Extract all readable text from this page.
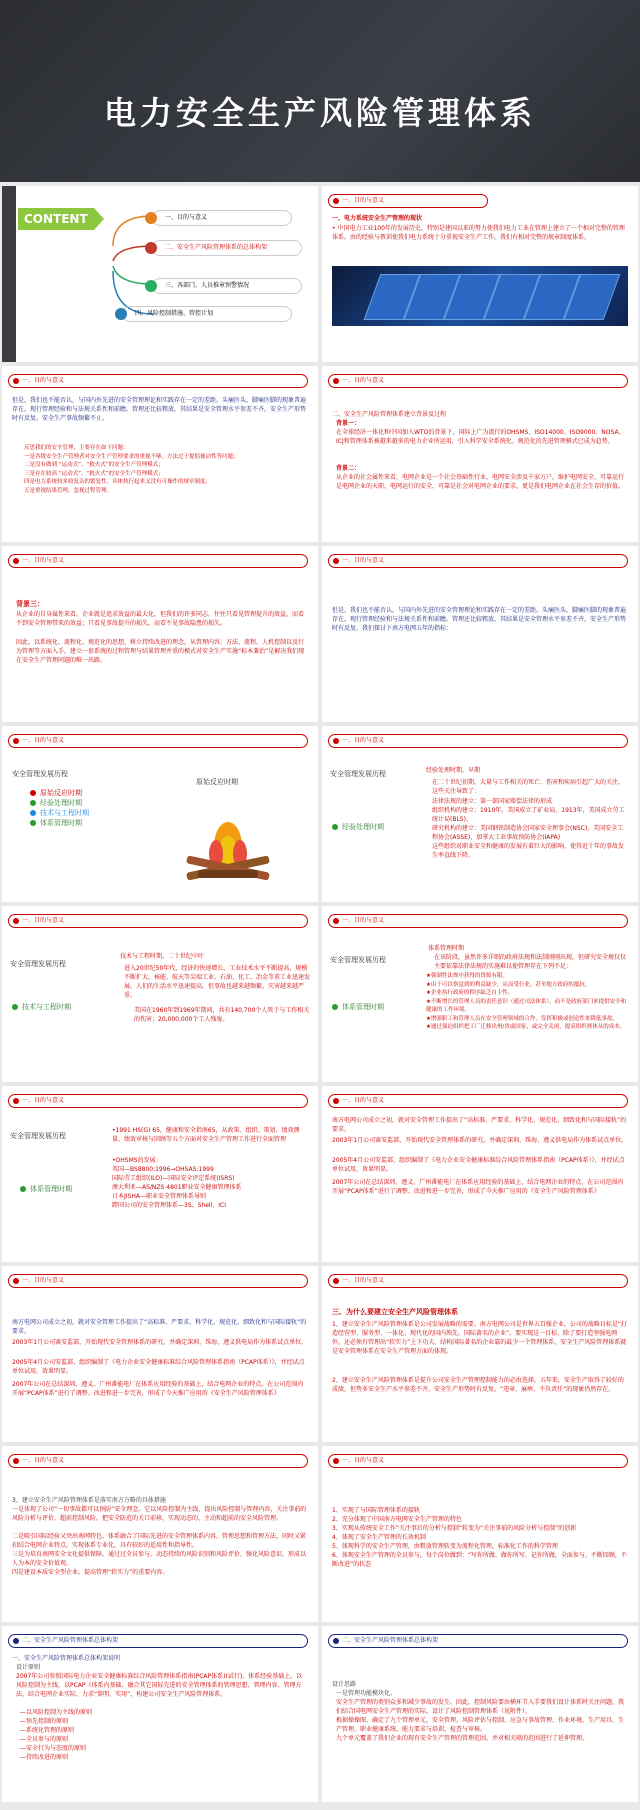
电力安全生产风险管理体系
CONTENT	一、目的与意义
二、安全生产风险管理体系的总体构架
三、各部门、人员推章预警情况
四、风险控制措施、管控计划
一、目的与意义
一、电力系统安全生产管理的现状
• 中国电力工业100年的发展历史，特别是建国以来的努力使我们电力工业在管理上建立了一个相对完整的管理体系。由的经验与教训使我们电力系统十分重视安全生产工作，我们有相对完整的规章制度体系。
一、目的与意义
但是，我们也不能否认，与国内外先进的安全管理理论和实践存在一定的差距。头痛医头，脚痛医脚的现象普遍存在，现行管理经验和与法规关系性和前瞻。管理还比较粗放，其结果是安全管理水平参差不齐，安全生产形势时有反复。安全生产事故频繁不止。
反思我们的安全管理，主要存在如下问题：
一是各级安全生产管理者对安全生产管理要求的重视不够，方法过于提倡被动性等问题；
二是没有做到 “运动式”、“救火式”的安全生产管理模式；
三是存在较高 “运动式”、“救火式”的安全生产管理模式；
四是电力系统较多较复杂的繁复性，具体执行起来又没有可操作的规章制度；
五是重视结果管理，忽视过程管理。
一、目的与意义
二、安全生产风险管理体系建立背景及过程
背景一：
在全球经济一体化和中国加入WTO的背景下，国际上广为流行的OHSMS、ISO14000、ISO9000、NOSA、ICJ和管理体系被越来越多的电力企业所运用，引入科学安全系统化、规范化的先进管理模式已成为趋势。
背景二：
从企业的社会属性来看，电网企业是一个社会基础性行业，电网安全涉及千家万户，维护电网安全、可靠运行是电网企业的天职。电网运行的安全、可靠是社会对电网企业的要求，更是我们电网企业在社会生存的价值。
一、目的与意义
背景三：
从企业的自身属性来看，企业就是追求效益的最大化，但我们的许多同志，往往只看见管理提升的效益，而看不到安全管理带来的效益；只看见事故提升的损失，而看不见事故隐患的损失。
因此，以系统化、流程化、规范化的思想，树立持续改进的理念，从管理内容、方法、流程、人机控制以及行为管理等方面入手，建立一套系统的过程管理与结果管理并重的模式对安全生产实施“标本兼治”是解决我们现在安全生产管理问题的唯一出路。
一、目的与意义
但是，我们也不能否认，与国内外先进的安全管理理论和实践存在一定的差距。头痛医头、脚痛医脚的现象普遍存在，现行管理经验和与法规关系性和前瞻。管理还比较粗放，其结果是安全管理水平参差不齐，安全生产形势时有反复，我们探讨下南方电网五年的指标：
一、目的与意义
安全管理发展历程
原始反应时期
经验处理时期
技术与工程时期
体系管理时期
原始反应时期
一、目的与意义
安全管理发展历程
经验处理时期
经验处理时期，早期
在二十世纪初期，大量与工作相关的死亡、伤害和疾病引起广大的关注，这些关注导致了：
法律法规的建立：第一部国家赔偿法律的形成
组织机构的建立：1910年，美国成立了矿业局，1913年，美国成立劳工统计局(BLS)，
研究机构的建立：美国钢铁制造协会国家安全理事会(NSC)，美国安全工程协会(ASSE)，加拿大工业事故预防协会(IAPA)
这些组织对职业安全和健康的发展有着巨大的影响，使得近十年的事故发生率直线下降。
一、目的与意义
安全管理发展历程
技术与工程时期
技术与工程时期，二十世纪中叶
进入20世纪50年代，经济的快速增长，工业技术水平不断提高，规模不断扩大，核能、航天等尖端工业、石油、化工、冶金等重工业迅速发展。人们的生活水平迅速提高，但事故也越来越频繁，灾害越来越严重。
美国在1960年到1969年期间，共有140,700个人死于与工作相关的伤害；20,000,000个工人残废。
一、目的与意义
安全管理发展历程
体系管理时期
体系管理时期
在该阶段，虽然许多详细的政府法规和法制刚刚出现，但研究安全规仅仅主要依靠法律法规的实施难以使管理存在下列不足：
★强制性法规中获得的资源有限。
★由于可以察觉到的利益缺少，从而受行业，甚至地方政府的抵抗。
★企业执行政府的程序缺乏自主性。
★不断增长的管理人员的责任意识（通过司法体系），而不是政府部门来提供安全和健康的工作环境。
★增强职工和管理人员在安全管理领域的合作，发挥积极或创造性来降低事故。
★通过强迫组织把工厂迁移出州/省或国家，或完全关闭，提高组织规体从的成本。
一、目的与意义
安全管理发展历程
体系管理时期
•1991 HS(G) 65，健康和安全指南65，从政策、组织、策划、绩效测量、绩效审核与回顾等五个方面对安全生产管理工作进行全面管理
•OHSMS的发展：
英国—BS8800:1996→OHSAS:1999
国际劳工组织(ILO)—国际安全评定系统(ISRS)
澳大利亚—AS/NZS 4801职业安全健康管理体系
日本JISHA—职业安全管理体系导则
跨国公司的安全管理体系—3S、Shell、ICI
一、目的与意义
南方电网公司成立之初，就对安全管理工作提出了“高标准、严要求、科学化、规范化、细致化和与国际接轨”的要求。
2003年1月公司赛安监部，开始现代安全管理体系的研究，并确定深圳、珠海、遵义供电局作为体系试点单位。
2005年4月公司安监部，组织编制了《电力企业安全健康标准综合风险管理体系指南（PCAP体系）》，并经试点单位试用，效果明显。
2007年公司在总结深圳、遵义、广州番能电厂在体系应用经验的基础上，结合电网企业的特点，在公司范围内开展“PCAP体系”进行了调整、改进和进一步完善，形成了今天推广应用的《安全生产风险管理体系》
一、目的与意义
南方电网公司成立之初，就对安全管理工作提出了“高标准、严要求、科学化、规范化、细致化和与国际接轨”的要求。
2003年1月公司赛安监部，开始现代安全管理体系的研究，并确定深圳、珠海、遵义供电局作为体系试点单位。
2005年4月公司安监部，组织编制了《电力企业安全健康标准综合风险管理体系指南（PCAP体系）》，并经试点单位试用，效果明显。
2007年公司在总结深圳、遵义、广州番能电厂在体系应用经验的基础上，结合电网企业的特点，在公司范围内开展“PCAP体系”进行了调整、改进和进一步完善，形成了今天推广应用的《安全生产风险管理体系》
一、目的与意义
三、为什么要建立安全生产风险管理体系
1、建立安全生产风险管理体系是公司发展战略的需要。南方电网公司是世界五百强企业，公司的战略目标是“打造经营型、服务型、一体化、现代化的国内领先、国际著名的企业”，要实现这一目标，除了要打造坚强电网外，还必须有管理出“软实力”上下功夫，结构国际著名的企业靠的最少一个管理体系，安全生产风险管理体系就是安全管理体系在安全生产管理方面的体现。
2、建立安全生产风险管理体系是提升公司安全生产管理控制能力的必由选择。五年来，安全生产取得了较好的成绩，但势多安全生产水平参差不齐，安全生产形势时有反复。“违章、麻痹、不负责任”的现象仍然存在。
一、目的与意义
3、建立安全生产风险管理体系是落实南方方略的具体措施
一是体现了公司“一切事故都可以预防”安全理念。它以风险控制为主线，提出风险控制与管理内容，关注事前的风险分析与评价，超前控制风险，把安全防范的关口前移，实现动态的、主动和超前的安全风险管理。
二是吸引国际经验又突出南网特色。体系融合了国际先进的安全管理体系内容，管理思想和管理方法，同时又紧扣结合电网企业特点，实现体系专业化，具有较好的适用性和指导性。
三是为培育南网安全文化提供保障。通过过全员参与，动态持续的风险识别和风险评价，强化风险意识，形成以人为本的安全价值观。
四是建设本质安全型企业。提高管理“软实力”的重要内容。
一、目的与意义
1、实现了与国际管理体系的接轨
2、充分体现了中国南方电网安全生产管理的特色
3、实现从传统安全工作“关注事后的分析与控制”转变为“关注事前的风险分析与控制”的创新
4、体现了安全生产管理的长效机制
5、体现科学的安全生产管理，由粗放管理转变为流程化管理，标准化工作的科学管理
6、体现安全生产管理的全员参与，每个岗位做到：“写你所做、做你所写、记你所做，全面参与，不断回顾，不断改进”的状态
二、安全生产风险管理体系总体构架
一、安全生产风险管理体系总体构架说明
设计原则
2007年公司参照国际电力企业安全健康标准综合风险管理体系指南(PCAP体系)(试行)，体系经验基础上，以风险控制为主线，以PCAP《体系内基础、融合其它国际先进的安全管理体系的管理思想、管理内容、管理方法，结合电网企业实际，力求“简明、实用”，构建公司安全生产风险管理体系。
—以风险控制为主线的原则
—预先控制的原则
—系统化管理的原则
—全员参与的原则
—安全行为与态度的原则
—持续改进的原则
二、安全生产风险管理体系总体构架
设计思路
一是管理功能模块化。
安全生产管理的类别众多和减少事故的发生。因此，控制风险要由横环节入手要我们设计体系时关注问题，我们结合国电网安全生产管理的实际，设计了风险控制管理体系（见附件）。
根据操操图、确定了九个管理单元，安全管理、风险评估与控制、应急与事故管理、作业环境、生产用具、生产管理、职业健康系统、能力要求与培训、检查与审核。
九个单元覆盖了我们企业的现有安全生产管理的管理范围，并对相关联的范围进行了延伸管理。
